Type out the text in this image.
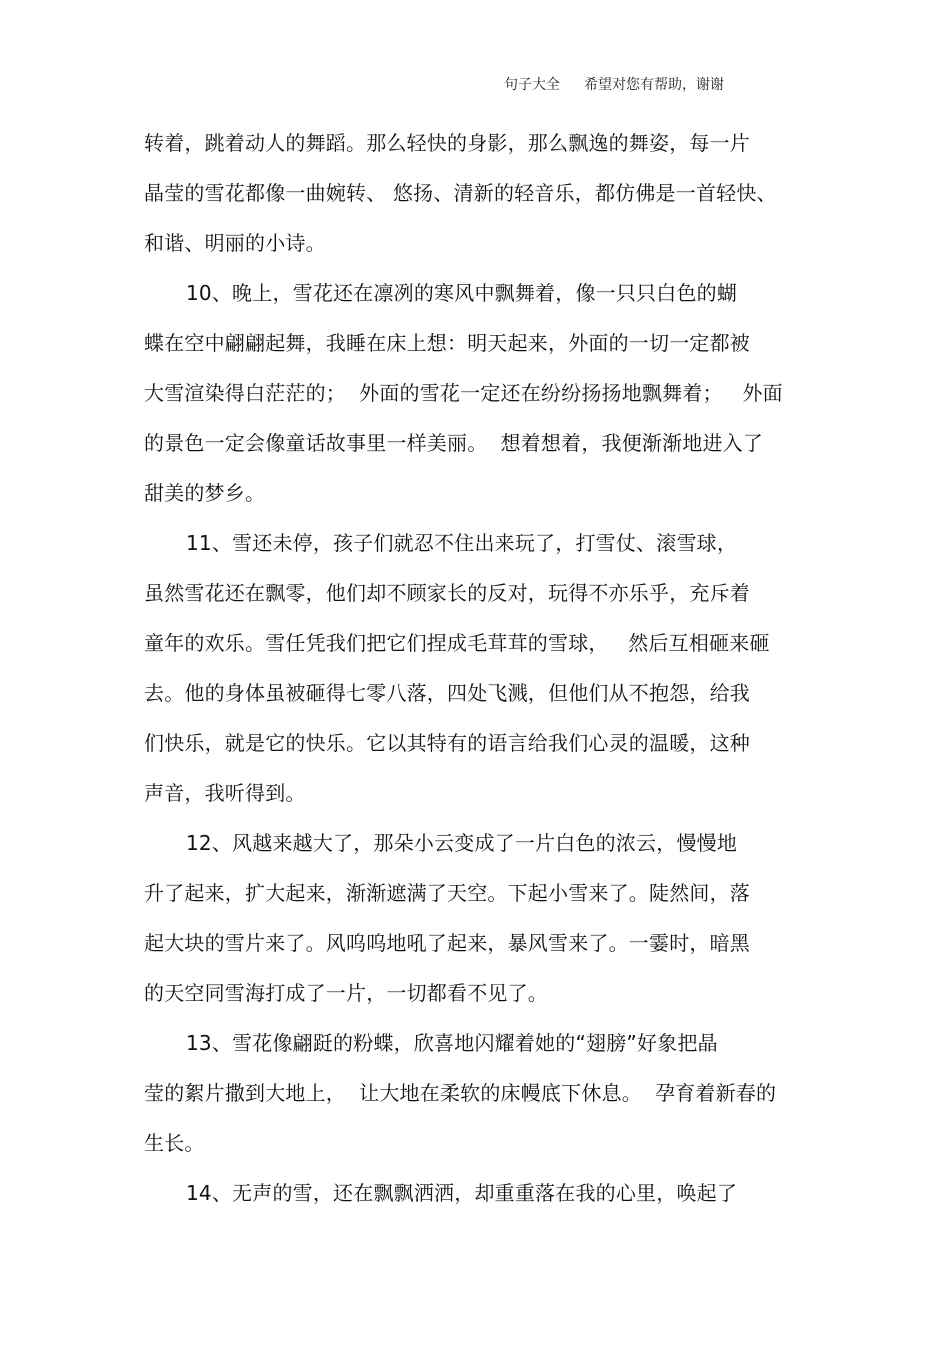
句子大全 希望对您有帮助，谢谢
转着，跳着动人的舞蹈。那么轻快的身影，那么飘逸的舞姿，每一片
晶莹的雪花都像一曲婉转、 悠扬、清新的轻音乐，都仿佛是一首轻快、
和谐、明丽的小诗。
10、晚上，雪花还在凛冽的寒风中飘舞着，像一只只白色的蝴
蝶在空中翩翩起舞，我睡在床上想：明天起来，外面的一切一定都被
大雪渲染得白茫茫的；  外面的雪花一定还在纷纷扬扬地飘舞着；   外面
的景色一定会像童话故事里一样美丽。  想着想着，我便渐渐地进入了
甜美的梦乡。
11、雪还未停，孩子们就忍不住出来玩了，打雪仗、滚雪球，
虽然雪花还在飘零，他们却不顾家长的反对，玩得不亦乐乎，充斥着
童年的欢乐。雪任凭我们把它们捏成毛茸茸的雪球，   然后互相砸来砸
去。他的身体虽被砸得七零八落，四处飞溅，但他们从不抱怨，给我
们快乐，就是它的快乐。它以其特有的语言给我们心灵的温暖，这种
声音，我听得到。
12、风越来越大了，那朵小云变成了一片白色的浓云，慢慢地
升了起来，扩大起来，渐渐遮满了天空。下起小雪来了。陡然间，落
起大块的雪片来了。风呜呜地吼了起来，暴风雪来了。一霎时，暗黑
的天空同雪海打成了一片，一切都看不见了。
13、雪花像翩跹的粉蝶，欣喜地闪耀着她的“翅膀”好象把晶
莹的絮片撒到大地上，  让大地在柔软的床幔底下休息。  孕育着新春的
生长。
14、无声的雪，还在飘飘洒洒，却重重落在我的心里，唤起了
